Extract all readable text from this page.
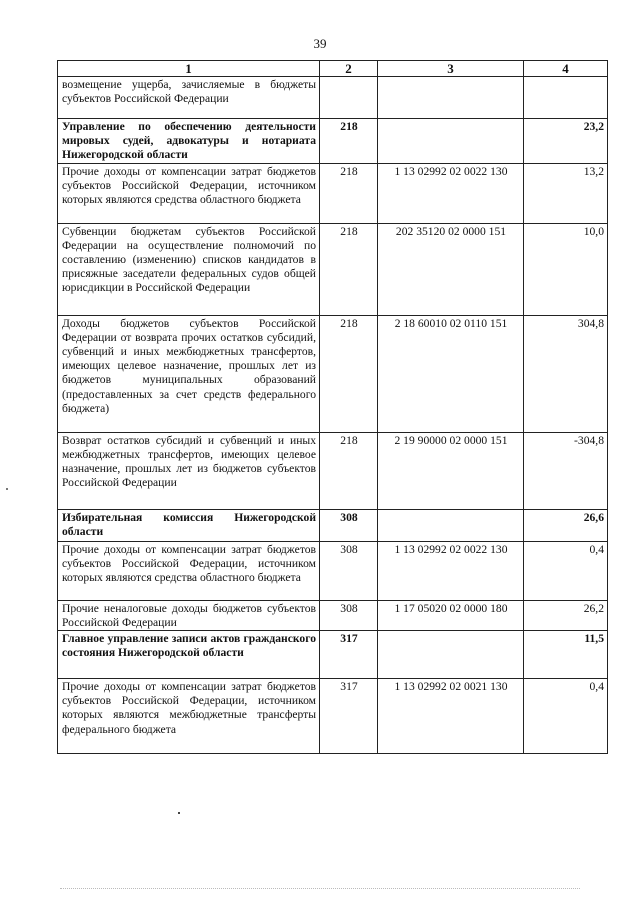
39
1	2	3	4
возмещение ущерба, зачисляемые в бюджеты субъектов Российской Федерации			
Управление по обеспечению деятельности мировых судей, адвокатуры и нотариата Нижегородской области	218		23,2
Прочие доходы от компенсации затрат бюджетов субъектов Российской Федерации, источником которых являются средства областного бюджета	218	1 13 02992 02 0022 130	13,2
Субвенции бюджетам субъектов Российской Федерации на осуществление полномочий по составлению (изменению) списков кандидатов в присяжные заседатели федеральных судов общей юрисдикции в Российской Федерации	218	202 35120 02 0000 151	10,0
Доходы бюджетов субъектов Российской Федерации от возврата прочих остатков субсидий, субвенций и иных межбюджетных трансфертов, имеющих целевое назначение, прошлых лет из бюджетов муниципальных образований (предоставленных за счет средств федерального бюджета)	218	2 18 60010 02 0110 151	304,8
Возврат остатков субсидий и субвенций и иных межбюджетных трансфертов, имеющих целевое назначение, прошлых лет из бюджетов субъектов Российской Федерации	218	2 19 90000 02 0000 151	-304,8
Избирательная комиссия Нижегородской области	308		26,6
Прочие доходы от компенсации затрат бюджетов субъектов Российской Федерации, источником которых являются средства областного бюджета	308	1 13 02992 02 0022 130	0,4
Прочие неналоговые доходы бюджетов субъектов Российской Федерации	308	1 17 05020 02 0000 180	26,2
Главное управление записи актов гражданского состояния Нижегородской области	317		11,5
Прочие доходы от компенсации затрат бюджетов субъектов Российской Федерации, источником которых являются межбюджетные трансферты федерального бюджета	317	1 13 02992 02 0021 130	0,4
